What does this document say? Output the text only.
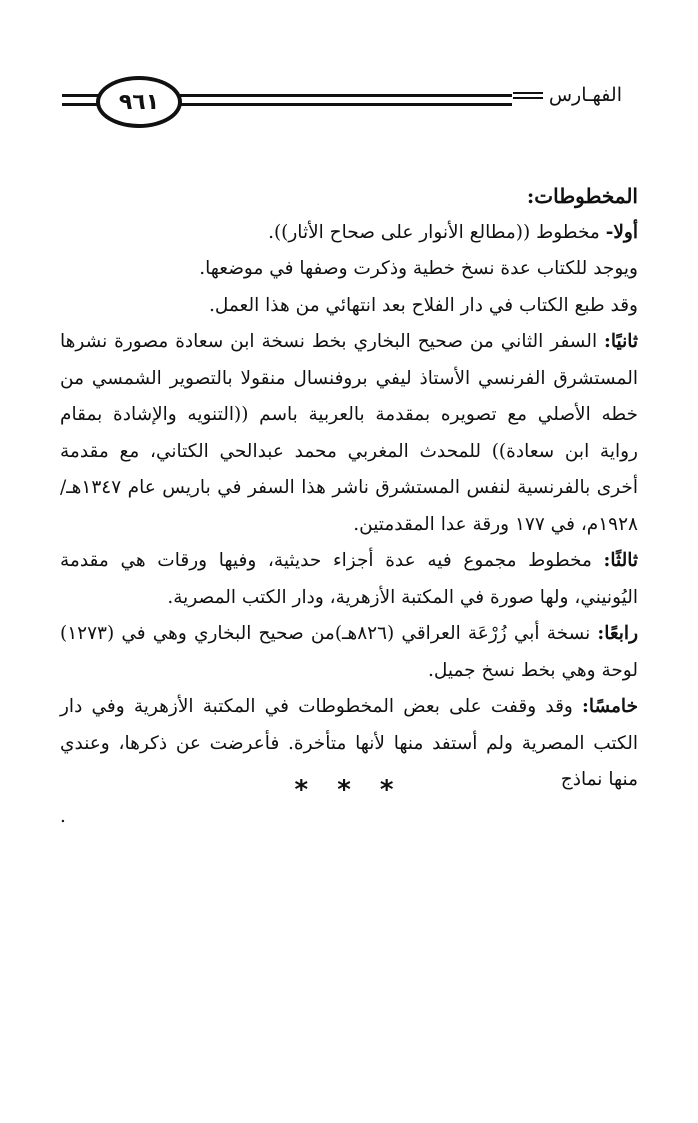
٩٦١	الفهـارس

المخطوطات:

أولا- مخطوط ((مطالع الأنوار على صحاح الأثار)).

ويوجد للكتاب عدة نسخ خطية وذكرت وصفها في موضعها.

وقد طبع الكتاب في دار الفلاح بعد انتهائي من هذا العمل.

ثانيًا: السفر الثاني من صحيح البخاري بخط نسخة ابن سعادة مصورة نشرها المستشرق الفرنسي الأستاذ ليفي بروفنسال منقولا بالتصوير الشمسي من خطه الأصلي مع تصويره بمقدمة بالعربية باسم ((التنويه والإشادة بمقام رواية ابن سعادة)) للمحدث المغربي محمد عبدالحي الكتاني، مع مقدمة أخرى بالفرنسية لنفس المستشرق ناشر هذا السفر في باريس عام ١٣٤٧هـ/١٩٢٨م، في ١٧٧ ورقة عدا المقدمتين.

ثالثًا: مخطوط مجموع فيه عدة أجزاء حديثية، وفيها ورقات هي مقدمة اليُونيني، ولها صورة في المكتبة الأزهرية، ودار الكتب المصرية.

رابعًا: نسخة أبي زُرْعَة العراقي (٨٢٦هـ)من صحيح البخاري وهي في (١٢٧٣) لوحة وهي بخط نسخ جميل.

خامسًا: وقد وقفت على بعض المخطوطات في المكتبة الأزهرية وفي دار الكتب المصرية ولم أستفد منها لأنها متأخرة. فأعرضت عن ذكرها، وعندي منها نماذج

.

* * *
